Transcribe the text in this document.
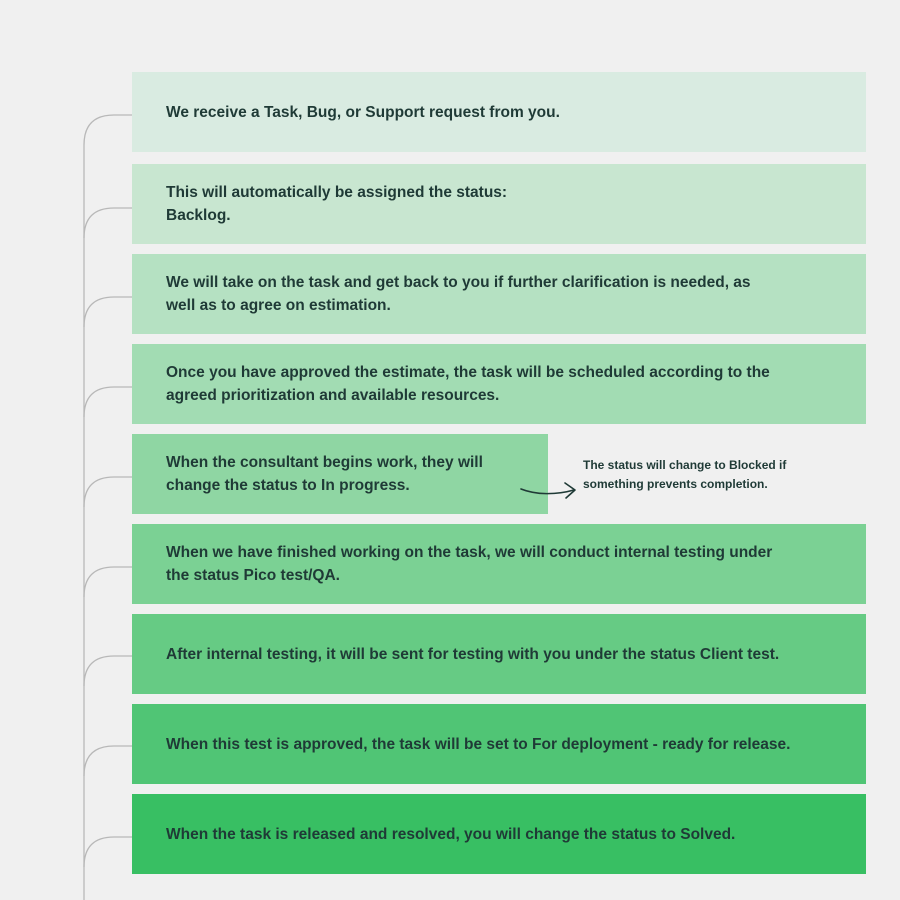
We receive a Task, Bug, or Support request from you.

This will automatically be assigned the status:
Backlog.

We will take on the task and get back to you if further clarification is needed, as
well as to agree on estimation.

Once you have approved the estimate, the task will be scheduled according to the
agreed prioritization and available resources.

When the consultant begins work, they will
change the status to In progress.

When we have finished working on the task, we will conduct internal testing under
the status Pico test/QA.

After internal testing, it will be sent for testing with you under the status Client test.

When this test is approved, the task will be set to For deployment - ready for release.

When the task is released and resolved, you will change the status to Solved.

The status will change to Blocked if
something prevents completion.
